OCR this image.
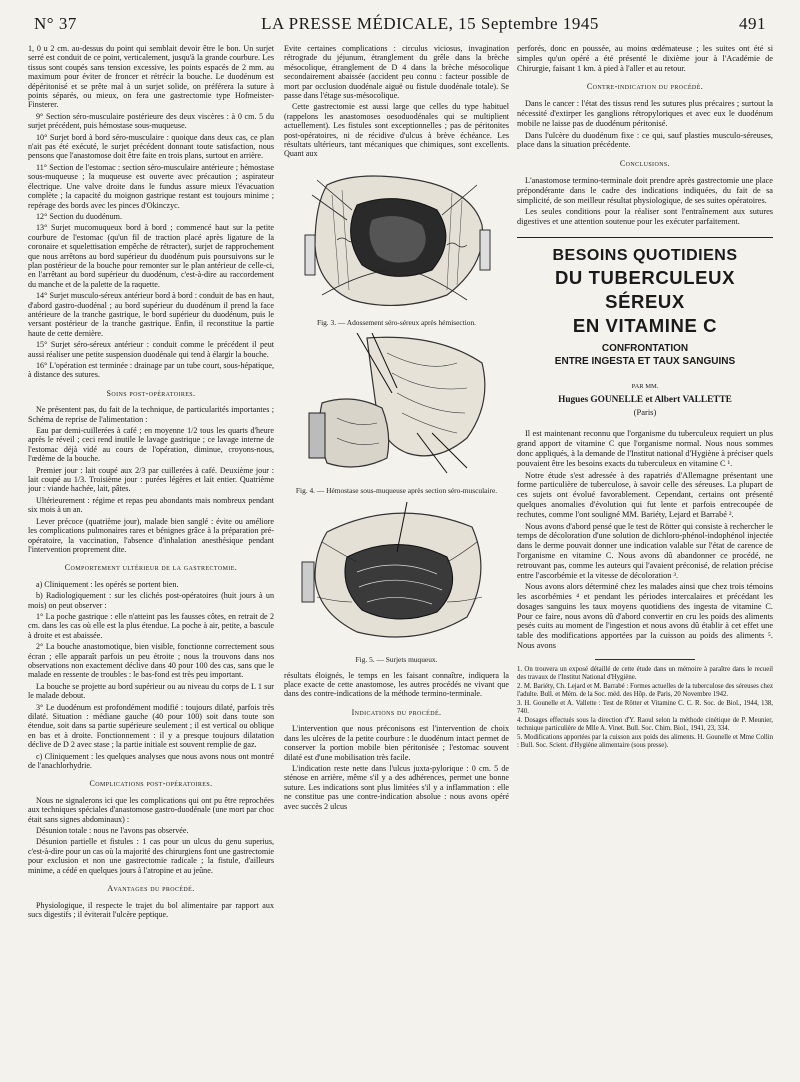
N° 37	LA PRESSE MÉDICALE, 15 Septembre 1945	491

1, 0 u 2 cm. au-dessus du point qui semblait devoir être le bon. Un surjet serré est conduit de ce point, verticalement, jusqu'à la grande courbure. Les tissus sont coupés sans tension excessive, les points espacés de 2 mm. au maximum pour éviter de froncer et rétrécir la bouche. Le duodénum est dépéritonisé et se prête mal à un surjet solide, on préférera la suture à points séparés, ou mieux, on fera une gastrectomie type Hofmeister-Finsterer.

9° Section séro-musculaire postérieure des deux viscères : à 0 cm. 5 du surjet précédent, puis hémostase sous-muqueuse.

10° Surjet bord à bord séro-musculaire : quoique dans deux cas, ce plan n'ait pas été exécuté, le surjet précédent donnant toute satisfaction, nous pensons que l'anastomose doit être faite en trois plans, surtout en arrière.

11° Section de l'estomac : section séro-musculaire antérieure ; hémostase sous-muqueuse ; la muqueuse est ouverte avec précaution ; aspirateur électrique. Une valve droite dans le fundus assure mieux l'évacuation complète ; la capacité du moignon gastrique restant est toujours minime ; repérage des bords avec les pinces d'Okinczyc.

12° Section du duodénum.

13° Surjet mucomuqueux bord à bord ; commencé haut sur la petite courbure de l'estomac (qu'un fil de traction placé après ligature de la coronaire et squelettisation empêche de rétracter), surjet de rapprochement que nous arrêtons au bord supérieur du duodénum puis poursuivons sur le plan postérieur de la bouche pour remonter sur le plan antérieur de celle-ci, en l'arrêtant au bord supérieur du duodénum, c'est-à-dire au raccordement du manche et de la palette de la raquette.

14° Surjet musculo-séreux antérieur bord à bord : conduit de bas en haut, d'abord gastro-duodénal ; au bord supérieur du duodénum il prend la face antérieure de la tranche gastrique, le bord supérieur du duodénum, puis le versant postérieur de la tranche gastrique. Enfin, il reconstitue la partie haute de cette dernière.

15° Surjet séro-séreux antérieur : conduit comme le précédent il peut aussi réaliser une petite suspension duodénale qui tend à élargir la bouche.

16° L'opération est terminée : drainage par un tube court, sous-hépatique, à distance des sutures.

Soins post-opératoires.

Ne présentent pas, du fait de la technique, de particularités importantes ; Schéma de reprise de l'alimentation :

Eau par demi-cuillerées à café ; en moyenne 1/2 tous les quarts d'heure après le réveil ; ceci rend inutile le lavage gastrique ; ce lavage interne de l'estomac déjà vidé au cours de l'opération, diminue, croyons-nous, l'œdème de la bouche.

Premier jour : lait coupé aux 2/3 par cuillerées à café. Deuxième jour : lait coupé au 1/3. Troisième jour : purées légères et lait entier. Quatrième jour : viande hachée, lait, pâtes.

Ultérieurement : régime et repas peu abondants mais nombreux pendant six mois à un an.

Lever précoce (quatrième jour), malade bien sanglé : évite ou améliore les complications pulmonaires rares et bénignes grâce à la préparation pré-opératoire, la vaccination, l'absence d'inhalation anesthésique pendant l'intervention proprement dite.

Comportement ultérieur de la gastrectomie.

a) Cliniquement : les opérés se portent bien.

b) Radiologiquement : sur les clichés post-opératoires (huit jours à un mois) on peut observer :

1° La poche gastrique : elle n'atteint pas les fausses côtes, en retrait de 2 cm. dans les cas où elle est la plus étendue. La poche à air, petite, a bascule à droite et est abaissée.

2° La bouche anastomotique, bien visible, fonctionne correctement sous écran ; elle apparaît parfois un peu étroite ; nous la trouvons dans nos observations non exactement déclive dans 40 pour 100 des cas, sans que le malade en ressente de troubles : le bas-fond est très peu important.

La bouche se projette au bord supérieur ou au niveau du corps de L 1 sur le malade debout.

3° Le duodénum est profondément modifié : toujours dilaté, parfois très dilaté. Situation : médiane gauche (40 pour 100) soit dans toute son étendue, soit dans sa partie supérieure seulement ; il est vertical ou oblique en bas et à droite. Fonctionnement : il y a presque toujours dilatation déclive de D 2 avec stase ; la partie initiale est souvent remplie de gaz.

c) Cliniquement : les quelques analyses que nous avons nous ont montré de l'anachlorhydrie.

Complications post-opératoires.

Nous ne signalerons ici que les complications qui ont pu être reprochées aux techniques spéciales d'anastomose gastro-duodénale (une mort par choc était sans signes abdominaux) :

Désunion totale : nous ne l'avons pas observée.

Désunion partielle et fistules : 1 cas pour un ulcus du genu superius, c'est-à-dire pour un cas où la majorité des chirurgiens font une gastrectomie pour exclusion et non une gastrectomie radicale ; la fistule, d'ailleurs minime, a cédé en quelques jours à l'atropine et au jeûne.

Avantages du procédé.

Physiologique, il respecte le trajet du bol alimentaire par rapport aux sucs digestifs ; il éviterait l'ulcère peptique.

Evite certaines complications : circulus viciosus, invagination rétrograde du jéjunum, étranglement du grêle dans la brèche mésocolique, étranglement de D 4 dans la brèche mésocolique secondairement abaissée (accident peu connu : facteur possible de mort par occlusion duodénale aiguë ou fistule duodénale totale). Se passe dans l'étage sus-mésocolique.

Cette gastrectomie est aussi large que celles du type habituel (rappelons les anastomoses oesoduodénales qui se multiplient actuellement). Les fistules sont exceptionnelles ; pas de péritonites post-opératoires, ni de récidive d'ulcus à brève échéance. Les résultats ultérieurs, tant mécaniques que chimiques, sont excellents. Quant aux

Fig. 3. — Adossement séro-séreux après hémisection.
Fig. 4. — Hémostase sous-muqueuse après section séro-musculaire.
Fig. 5. — Surjets muqueux.

résultats éloignés, le temps en les faisant connaître, indiquera la place exacte de cette anastomose, les autres procédés ne vivant que dans des contre-indications de la méthode termino-terminale.

Indications du procédé.

L'intervention que nous préconisons est l'intervention de choix dans les ulcères de la petite courbure : le duodénum intact permet de conserver la portion mobile bien péritonisée ; l'estomac souvent dilaté est d'une mobilisation très facile.

L'indication reste nette dans l'ulcus juxta-pylorique : 0 cm. 5 de sténose en arrière, même s'il y a des adhérences, permet une bonne suture. Les indications sont plus limitées s'il y a inflammation : elle ne constitue pas une contre-indication absolue : nous avons opéré avec succès 2 ulcus

perforés, donc en poussée, au moins œdémateuse ; les suites ont été si simples qu'un opéré a été présenté le dixième jour à l'Académie de Chirurgie, faisant 1 km. à pied à l'aller et au retour.

Contre-indication du procédé.

Dans le cancer : l'état des tissus rend les sutures plus précaires ; surtout la nécessité d'extirper les ganglions rétropyloriques et avec eux le duodénum mobile ne laisse pas de duodénum péritonisé.

Dans l'ulcère du duodénum fixe : ce qui, sauf plasties musculo-séreuses, place dans la situation précédente.

Conclusions.

L'anastomose termino-terminale doit prendre après gastrectomie une place prépondérante dans le cadre des indications indiquées, du fait de sa simplicité, de son meilleur résultat physiologique, de ses suites opératoires.

Les seules conditions pour la réaliser sont l'entraînement aux sutures digestives et une attention soutenue pour les exécuter parfaitement.

BESOINS QUOTIDIENS
DU TUBERCULEUX SÉREUX
EN VITAMINE C
CONFRONTATION
ENTRE INGESTA ET TAUX SANGUINS
PAR MM.
Hugues GOUNELLE et Albert VALLETTE
(Paris)

Il est maintenant reconnu que l'organisme du tuberculeux requiert un plus grand apport de vitamine C que l'organisme normal. Nous nous sommes donc appliqués, à la demande de l'Institut national d'Hygiène à préciser quels pouvaient être les besoins exacts du tuberculeux en vitamine C ¹.

Notre étude s'est adressée à des rapatriés d'Allemagne présentant une forme particulière de tuberculose, à savoir celle des séreuses. La plupart de ces sujets ont évolué favorablement. Cependant, certains ont présenté quelques anomalies d'évolution qui fut lente et parfois entrecoupée de rechutes, comme l'ont souligné MM. Bariéty, Lejard et Barrabé ².

Nous avons d'abord pensé que le test de Rötter qui consiste à rechercher le temps de décoloration d'une solution de dichloro-phénol-indophénol injectée dans le derme pouvait donner une indication valable sur l'état de carence de l'organisme en vitamine C. Nous avons dû abandonner ce procédé, ne retrouvant pas, comme les auteurs qui l'avaient préconisé, de relation précise entre l'ascorbémie et la vitesse de décoloration ³.

Nous avons alors déterminé chez les malades ainsi que chez trois témoins les ascorbémies ⁴ et pendant les périodes intercalaires et précédant les dosages sanguins les taux moyens quotidiens des ingesta de vitamine C. Pour ce faire, nous avons dû d'abord convertir en cru les poids des aliments pesés cuits au moment de l'ingestion et nous avons dû établir à cet effet une table des modifications apportées par la cuisson au poids des aliments ⁵. Nous avons

1. On trouvera un exposé détaillé de cette étude dans un mémoire à paraître dans le recueil des travaux de l'Institut National d'Hygiène.
2. M. Bariéty, Ch. Lejard et M. Barrabé : Formes actuelles de la tuberculose des séreuses chez l'adulte. Bull. et Mém. de la Soc. méd. des Hôp. de Paris, 20 Novembre 1942.
3. H. Gounelle et A. Vallette : Test de Rötter et Vitamine C. C. R. Soc. de Biol., 1944, 138, 740.
4. Dosages effectués sous la direction d'Y. Raoul selon la méthode cinétique de P. Meunier, technique particulière de Mlle A. Vinet. Bull. Soc. Chim. Biol., 1941, 23, 334.
5. Modifications apportées par la cuisson aux poids des aliments. H. Gounelle et Mme Collin : Bull. Soc. Scient. d'Hygiène alimentaire (sous presse).
